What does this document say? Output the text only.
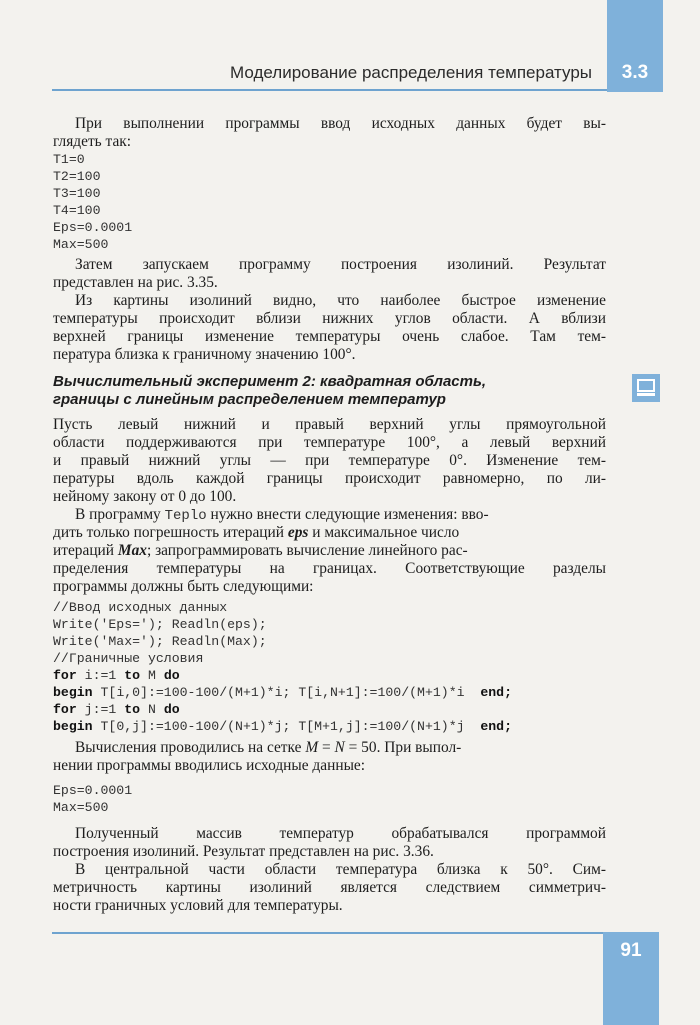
Моделирование распределения температуры	3.3
При выполнении программы ввод исходных данных будет вы-
глядеть так:
T1=0
T2=100
T3=100
T4=100
Eps=0.0001
Max=500
Затем запускаем программу построения изолиний. Результат
представлен на рис. 3.35.
Из картины изолиний видно, что наиболее быстрое изменение
температуры происходит вблизи нижних углов области. А вблизи
верхней границы изменение температуры очень слабое. Там тем-
пература близка к граничному значению 100°.
Вычислительный эксперимент 2: квадратная область,
границы с линейным распределением температур
Пусть левый нижний и правый верхний углы прямоугольной
области поддерживаются при температуре 100°, а левый верхний
и правый нижний углы — при температуре 0°. Изменение тем-
пературы вдоль каждой границы происходит равномерно, по ли-
нейному закону от 0 до 100.
В программу Teplo нужно внести следующие изменения: вво-
дить только погрешность итераций eps и максимальное число
итераций Max; запрограммировать вычисление линейного рас-
пределения температуры на границах. Соответствующие разделы
программы должны быть следующими:
//Ввод исходных данных
Write('Eps='); Readln(eps);
Write('Max='); Readln(Max);
//Граничные условия
for i:=1 to M do
begin T[i,0]:=100-100/(M+1)*i; T[i,N+1]:=100/(M+1)*i  end;
for j:=1 to N do
begin T[0,j]:=100-100/(N+1)*j; T[M+1,j]:=100/(N+1)*j  end;
Вычисления проводились на сетке M = N = 50. При выпол-
нении программы вводились исходные данные:
Eps=0.0001
Max=500
Полученный массив температур обрабатывался программой
построения изолиний. Результат представлен на рис. 3.36.
В центральной части области температура близка к 50°. Сим-
метричность картины изолиний является следствием симметрич-
ности граничных условий для температуры.
91
